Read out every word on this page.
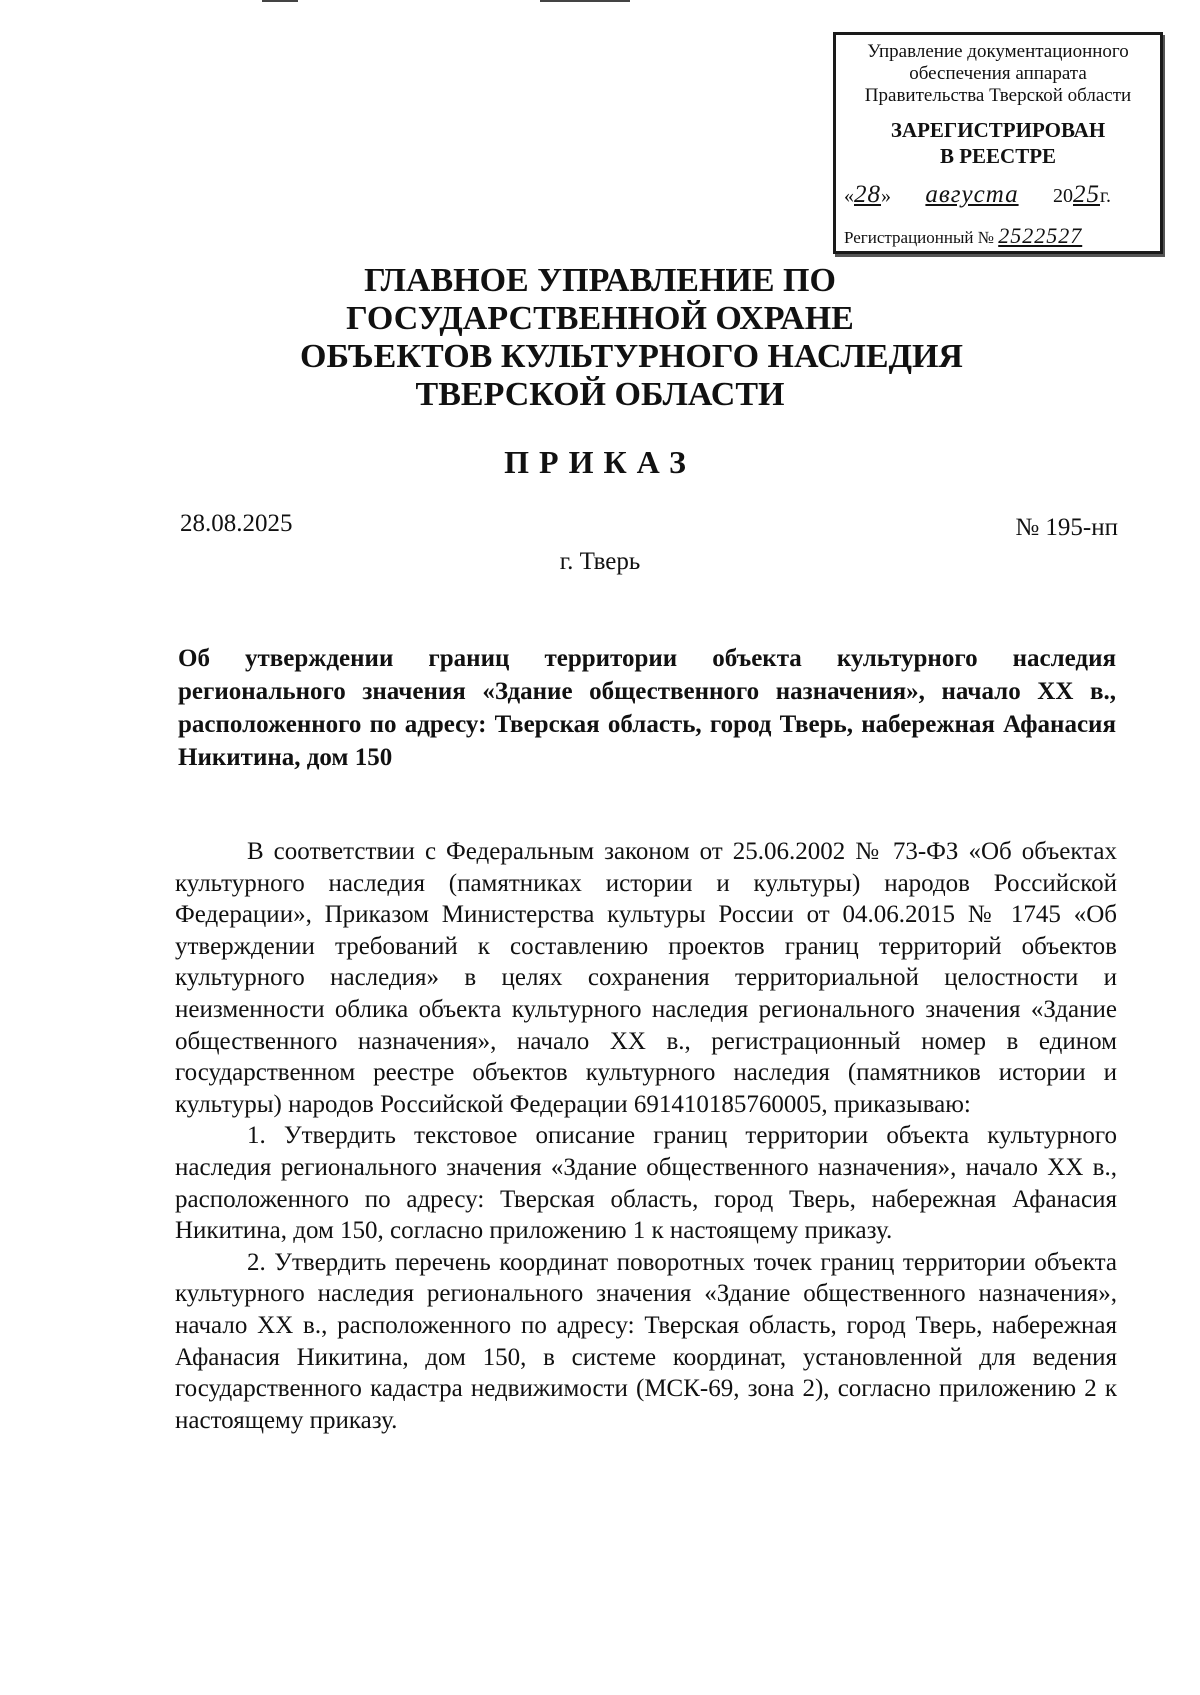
Управление документационного
обеспечения аппарата
Правительства Тверской области
ЗАРЕГИСТРИРОВАН
В РЕЕСТРЕ
«28» августа 2025г.
Регистрационный № 2522527
ГЛАВНОЕ УПРАВЛЕНИЕ ПО
ГОСУДАРСТВЕННОЙ ОХРАНЕ
ОБЪЕКТОВ КУЛЬТУРНОГО НАСЛЕДИЯ
ТВЕРСКОЙ ОБЛАСТИ
ПРИКАЗ
28.08.2025	№ 195-нп
г. Тверь
Об утверждении границ территории объекта культурного наследия регионального значения «Здание общественного назначения», начало XX в., расположенного по адресу: Тверская область, город Тверь, набережная Афанасия Никитина, дом 150

В соответствии с Федеральным законом от 25.06.2002 № 73-ФЗ «Об объектах культурного наследия (памятниках истории и культуры) народов Российской Федерации», Приказом Министерства культуры России от 04.06.2015 № 1745 «Об утверждении требований к составлению проектов границ территорий объектов культурного наследия» в целях сохранения территориальной целостности и неизменности облика объекта культурного наследия регионального значения «Здание общественного назначения», начало XX в., регистрационный номер в едином государственном реестре объектов культурного наследия (памятников истории и культуры) народов Российской Федерации 691410185760005, приказываю:

1. Утвердить текстовое описание границ территории объекта культурного наследия регионального значения «Здание общественного назначения», начало XX в., расположенного по адресу: Тверская область, город Тверь, набережная Афанасия Никитина, дом 150, согласно приложению 1 к настоящему приказу.

2. Утвердить перечень координат поворотных точек границ территории объекта культурного наследия регионального значения «Здание общественного назначения», начало XX в., расположенного по адресу: Тверская область, город Тверь, набережная Афанасия Никитина, дом 150, в системе координат, установленной для ведения государственного кадастра недвижимости (МСК-69, зона 2), согласно приложению 2 к настоящему приказу.
